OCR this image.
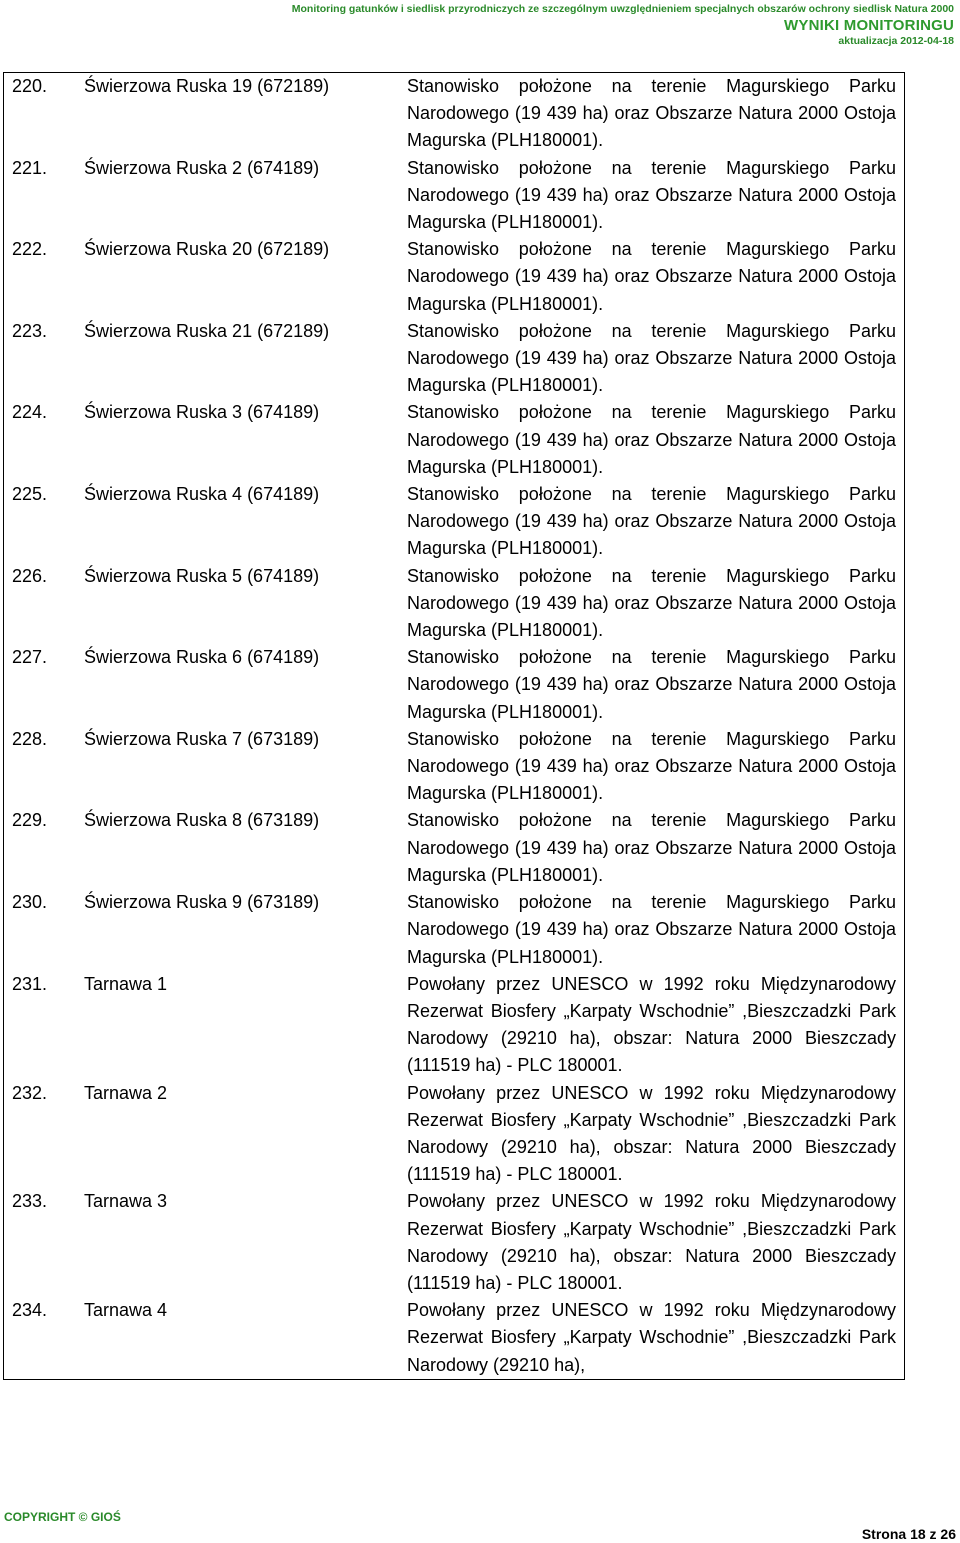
Monitoring gatunków i siedlisk przyrodniczych ze szczególnym uwzględnieniem specjalnych obszarów ochrony siedlisk Natura 2000
WYNIKI MONITORINGU
aktualizacja 2012-04-18
220.	Świerzowa Ruska 19 (672189)	Stanowisko położone na terenie Magurskiego Parku Narodowego (19 439 ha) oraz Obszarze Natura 2000 Ostoja Magurska (PLH180001).
221.	Świerzowa Ruska 2 (674189)	Stanowisko położone na terenie Magurskiego Parku Narodowego (19 439 ha) oraz Obszarze Natura 2000 Ostoja Magurska (PLH180001).
222.	Świerzowa Ruska 20 (672189)	Stanowisko położone na terenie Magurskiego Parku Narodowego (19 439 ha) oraz Obszarze Natura 2000 Ostoja Magurska (PLH180001).
223.	Świerzowa Ruska 21 (672189)	Stanowisko położone na terenie Magurskiego Parku Narodowego (19 439 ha) oraz Obszarze Natura 2000 Ostoja Magurska (PLH180001).
224.	Świerzowa Ruska 3 (674189)	Stanowisko położone na terenie Magurskiego Parku Narodowego (19 439 ha) oraz Obszarze Natura 2000 Ostoja Magurska (PLH180001).
225.	Świerzowa Ruska 4 (674189)	Stanowisko położone na terenie Magurskiego Parku Narodowego (19 439 ha) oraz Obszarze Natura 2000 Ostoja Magurska (PLH180001).
226.	Świerzowa Ruska 5 (674189)	Stanowisko położone na terenie Magurskiego Parku Narodowego (19 439 ha) oraz Obszarze Natura 2000 Ostoja Magurska (PLH180001).
227.	Świerzowa Ruska 6 (674189)	Stanowisko położone na terenie Magurskiego Parku Narodowego (19 439 ha) oraz Obszarze Natura 2000 Ostoja Magurska (PLH180001).
228.	Świerzowa Ruska 7 (673189)	Stanowisko położone na terenie Magurskiego Parku Narodowego (19 439 ha) oraz Obszarze Natura 2000 Ostoja Magurska (PLH180001).
229.	Świerzowa Ruska 8 (673189)	Stanowisko położone na terenie Magurskiego Parku Narodowego (19 439 ha) oraz Obszarze Natura 2000 Ostoja Magurska (PLH180001).
230.	Świerzowa Ruska 9 (673189)	Stanowisko położone na terenie Magurskiego Parku Narodowego (19 439 ha) oraz Obszarze Natura 2000 Ostoja Magurska (PLH180001).
231.	Tarnawa 1	Powołany przez UNESCO w 1992 roku Międzynarodowy Rezerwat Biosfery „Karpaty Wschodnie” ,Bieszczadzki Park Narodowy (29210 ha), obszar: Natura 2000 Bieszczady (111519 ha) - PLC 180001.
232.	Tarnawa 2	Powołany przez UNESCO w 1992 roku Międzynarodowy Rezerwat Biosfery „Karpaty Wschodnie” ,Bieszczadzki Park Narodowy (29210 ha), obszar: Natura 2000 Bieszczady (111519 ha) - PLC 180001.
233.	Tarnawa 3	Powołany przez UNESCO w 1992 roku Międzynarodowy Rezerwat Biosfery „Karpaty Wschodnie” ,Bieszczadzki Park Narodowy (29210 ha), obszar: Natura 2000 Bieszczady (111519 ha) - PLC 180001.
234.	Tarnawa 4	Powołany przez UNESCO w 1992 roku Międzynarodowy Rezerwat Biosfery „Karpaty Wschodnie” ,Bieszczadzki Park Narodowy (29210 ha),
COPYRIGHT © GIOŚ
Strona 18 z 26
